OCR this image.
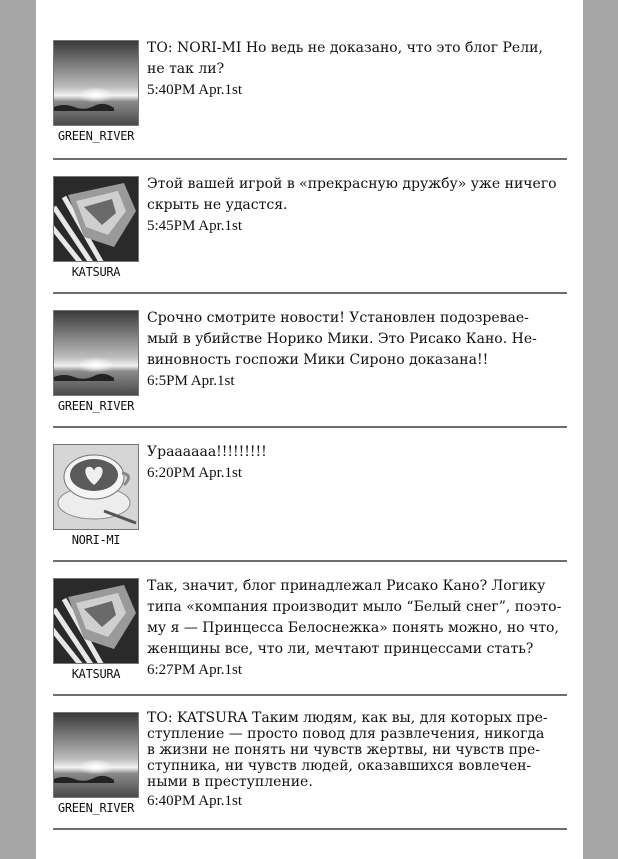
GREEN_RIVER
TO: NORI-MI Но ведь не доказано, что это блог Рели,
не так ли?
5:40PM Apr.1st
KATSURA
Этой вашей игрой в «прекрасную дружбу» уже ничего
скрыть не удастся.
5:45PM Apr.1st
GREEN_RIVER
Срочно смотрите новости! Установлен подозревае-
мый в убийстве Норико Мики. Это Рисако Кано. Не-
виновность госпожи Мики Сироно доказана!!
6:5PM Apr.1st
NORI-MI
Ураааааа!!!!!!!!!
6:20PM Apr.1st
KATSURA
Так, значит, блог принадлежал Рисако Кано? Логику
типа «компания производит мыло “Белый снег”, поэто-
му я — Принцесса Белоснежка» понять можно, но что,
женщины все, что ли, мечтают принцессами стать?
6:27PM Apr.1st
GREEN_RIVER
ТО: KATSURA Таким людям, как вы, для которых пре-
ступление — просто повод для развлечения, никогда
в жизни не понять ни чувств жертвы, ни чувств пре-
ступника, ни чувств людей, оказавшихся вовлечен-
ными в преступление.
6:40PM Apr.1st
